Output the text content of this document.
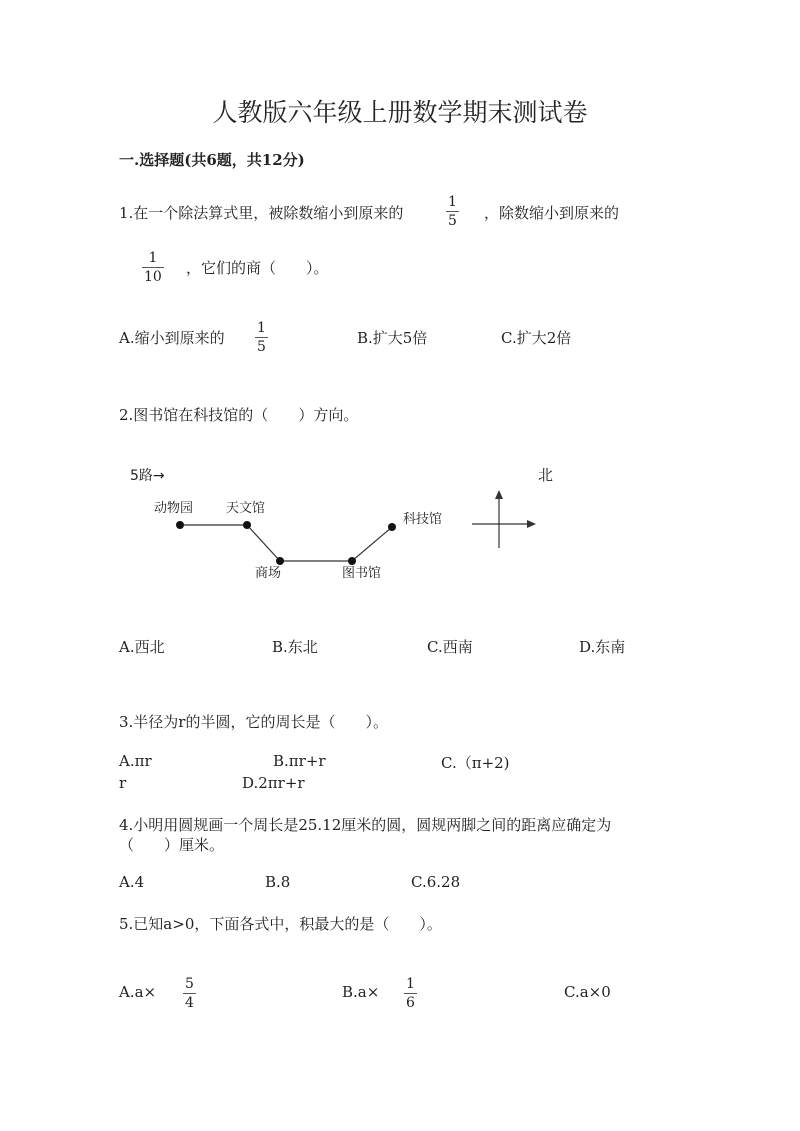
人教版六年级上册数学期末测试卷
一.选择题(共6题，共12分)
1.在一个除法算式里，被除数缩小到原来的
1
5 ，除数缩小到原来的
1
10 ，它们的商（　　）。
A.缩小到原来的
1
5	B.扩大5倍	C.扩大2倍
2.图书馆在科技馆的（　　）方向。
5路→	北
动物园	天文馆
商场	图书馆
科技馆
A.西北	B.东北	C.西南	D.东南
3.半径为r的半圆，它的周长是（　　）。
A.πr	B.πr+r	C.（π+2)
r	D.2πr+r
4.小明用圆规画一个周长是25.12厘米的圆，圆规两脚之间的距离应确定为
（　　）厘米。
A.4	B.8	C.6.28
5.已知a>0，下面各式中，积最大的是（　　）。
A.a× 5
4
B.a× 1
6
C.a×0
